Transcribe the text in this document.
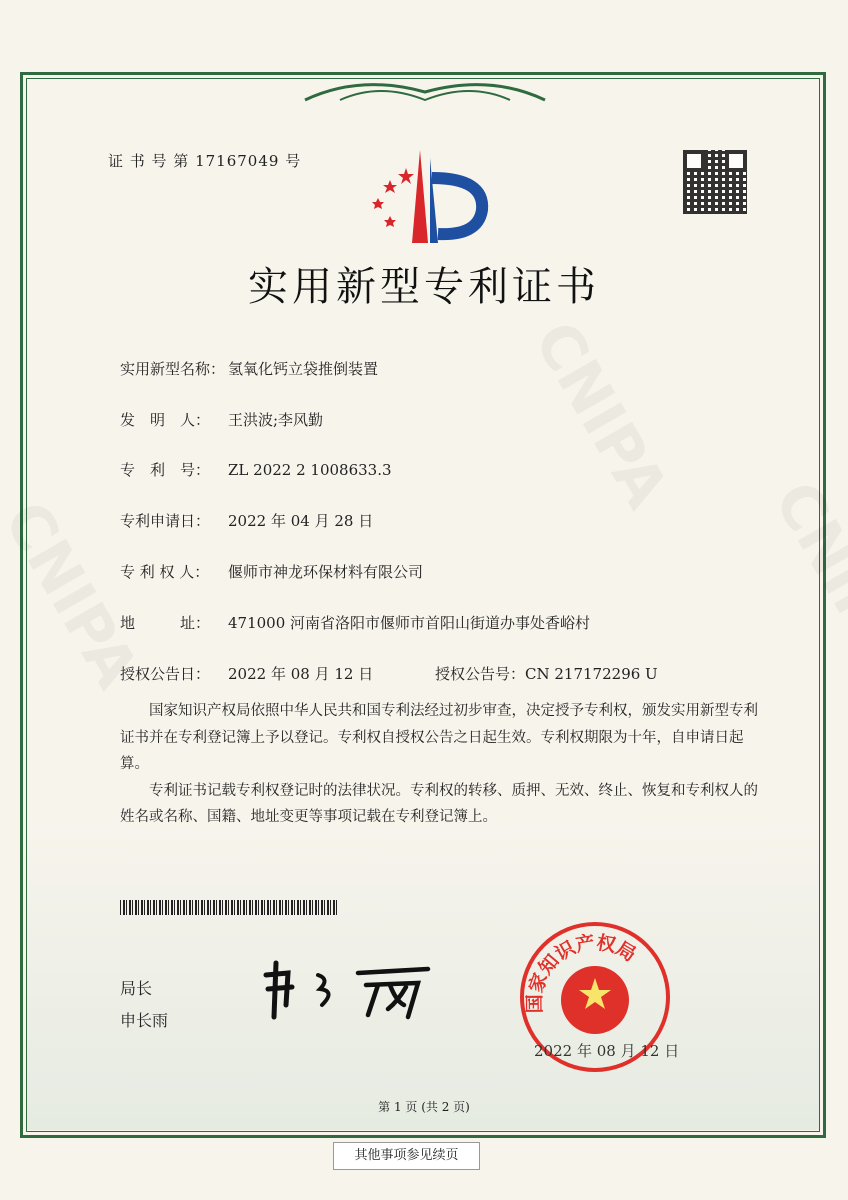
证 书 号 第 17167049 号
实用新型专利证书
实用新型名称： 氢氧化钙立袋推倒装置
发　明　人： 王洪波;李风勤
专　利　号： ZL 2022 2 1008633.3
专利申请日： 2022 年 04 月 28 日
专 利 权 人： 偃师市神龙环保材料有限公司
地　　　址： 471000 河南省洛阳市偃师市首阳山街道办事处香峪村
授权公告日： 2022 年 08 月 12 日	授权公告号：CN 217172296 U

国家知识产权局依照中华人民共和国专利法经过初步审查，决定授予专利权，颁发实用新型专利证书并在专利登记簿上予以登记。专利权自授权公告之日起生效。专利权期限为十年，自申请日起算。

专利证书记载专利权登记时的法律状况。专利权的转移、质押、无效、终止、恢复和专利权人的姓名或名称、国籍、地址变更等事项记载在专利登记簿上。

局长
申长雨
国家知识产权局
2022 年 08 月 12 日
第 1 页 (共 2 页)
其他事项参见续页
